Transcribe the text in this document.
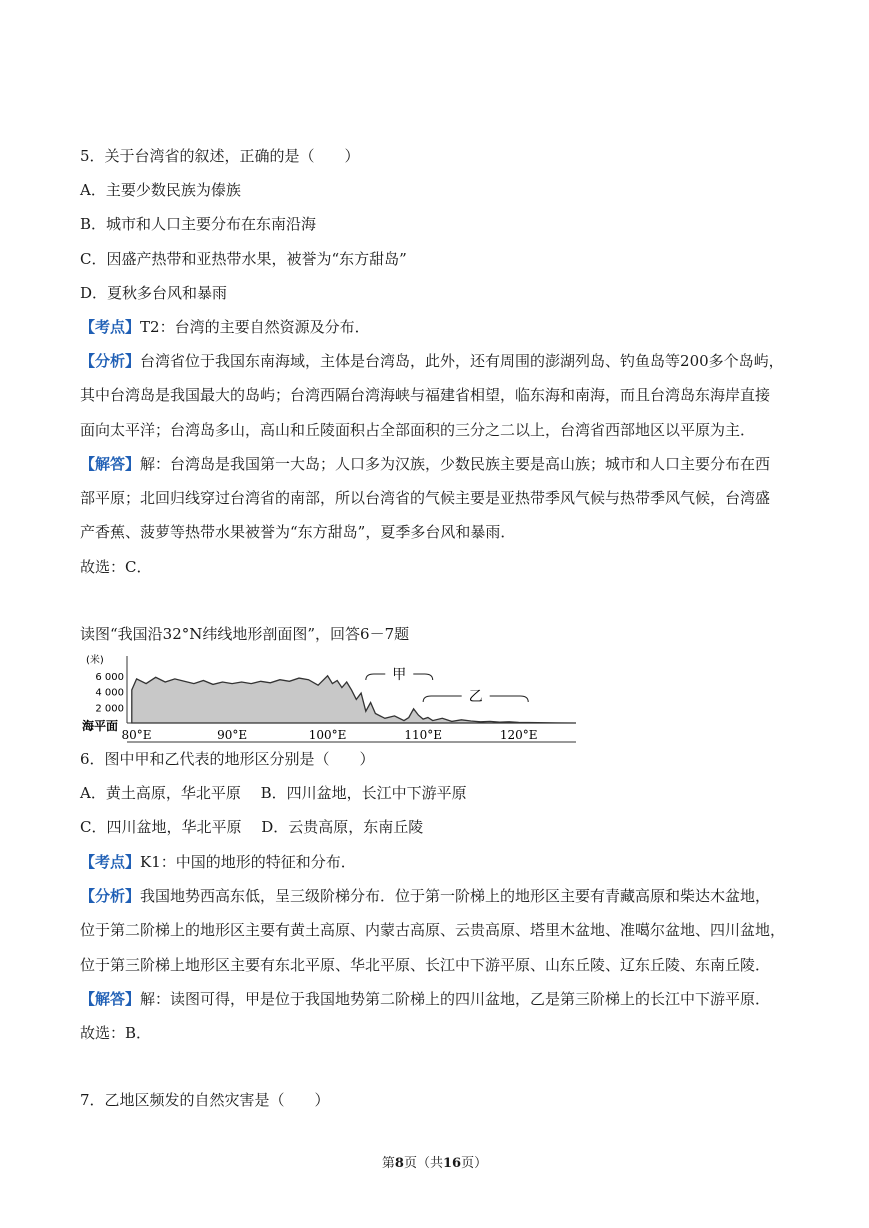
5．关于台湾省的叙述，正确的是（　　）
A．主要少数民族为傣族
B．城市和人口主要分布在东南沿海
C．因盛产热带和亚热带水果，被誉为“东方甜岛”
D．夏秋多台风和暴雨
【考点】T2：台湾的主要自然资源及分布．
【分析】台湾省位于我国东南海域，主体是台湾岛，此外，还有周围的澎湖列岛、钓鱼岛等200多个岛屿，
其中台湾岛是我国最大的岛屿；台湾西隔台湾海峡与福建省相望，临东海和南海，而且台湾岛东海岸直接
面向太平洋；台湾岛多山，高山和丘陵面积占全部面积的三分之二以上，台湾省西部地区以平原为主．
【解答】解：台湾岛是我国第一大岛；人口多为汉族，少数民族主要是高山族；城市和人口主要分布在西
部平原；北回归线穿过台湾省的南部，所以台湾省的气候主要是亚热带季风气候与热带季风气候，台湾盛
产香蕉、菠萝等热带水果被誉为“东方甜岛”，夏季多台风和暴雨．
故选：C．
读图“我国沿32°N纬线地形剖面图”，回答6－7题
(米)
6 000
4 000
2 000
海平面
80°E	90°E	100°E	110°E	120°E
甲
乙
6．图中甲和乙代表的地形区分别是（　　）
A．黄土高原，华北平原　 B．四川盆地，长江中下游平原
C．四川盆地，华北平原　 D．云贵高原，东南丘陵
【考点】K1：中国的地形的特征和分布．
【分析】我国地势西高东低，呈三级阶梯分布．位于第一阶梯上的地形区主要有青藏高原和柴达木盆地，
位于第二阶梯上的地形区主要有黄土高原、内蒙古高原、云贵高原、塔里木盆地、准噶尔盆地、四川盆地，
位于第三阶梯上地形区主要有东北平原、华北平原、长江中下游平原、山东丘陵、辽东丘陵、东南丘陵．
【解答】解：读图可得，甲是位于我国地势第二阶梯上的四川盆地，乙是第三阶梯上的长江中下游平原．
故选：B．
7．乙地区频发的自然灾害是（　　）
第8页（共16页）
